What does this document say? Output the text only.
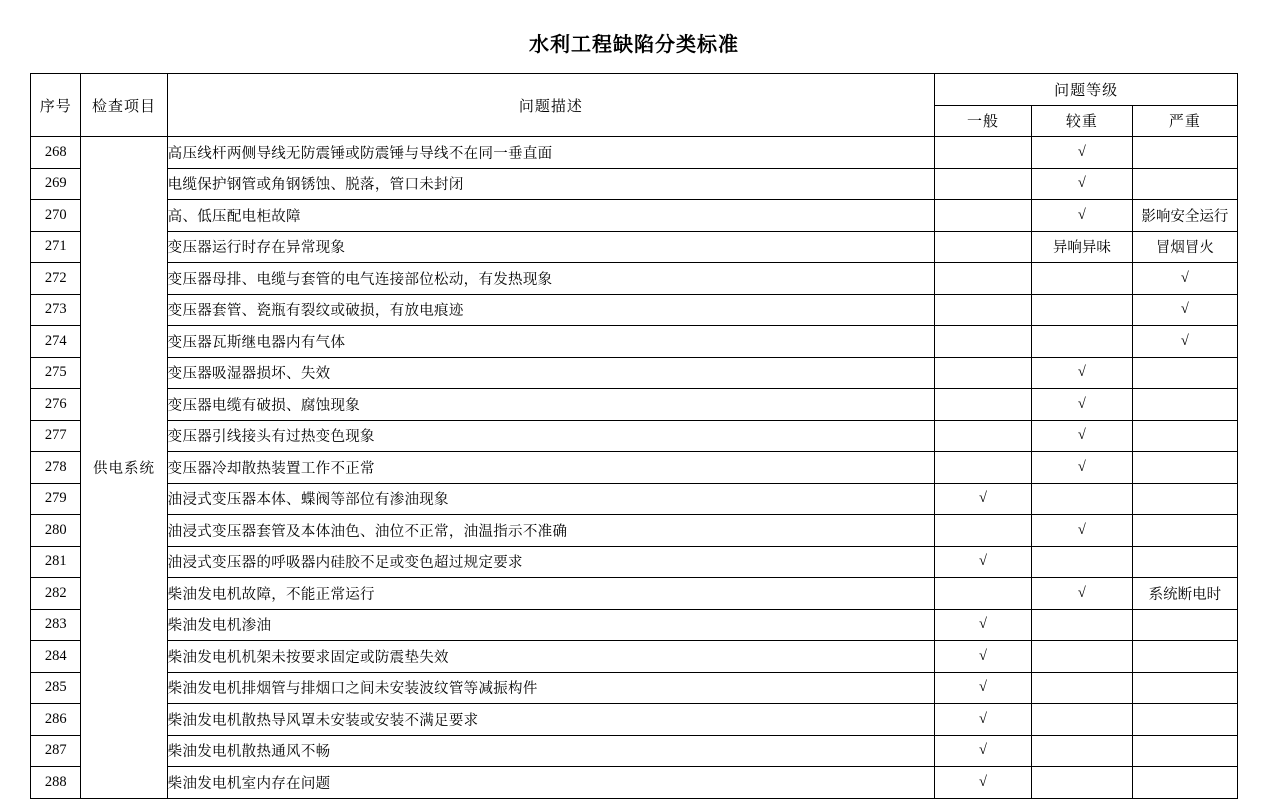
水利工程缺陷分类标准
序号	检查项目	问题描述	问题等级		
			一般	较重	严重
268	供电系统	高压线杆两侧导线无防震锤或防震锤与导线不在同一垂直面		√	
269		电缆保护钢管或角钢锈蚀、脱落，管口未封闭		√	
270		高、低压配电柜故障		√	影响安全运行
271		变压器运行时存在异常现象		异响异味	冒烟冒火
272		变压器母排、电缆与套管的电气连接部位松动，有发热现象			√
273		变压器套管、瓷瓶有裂纹或破损，有放电痕迹			√
274		变压器瓦斯继电器内有气体			√
275		变压器吸湿器损坏、失效		√	
276		变压器电缆有破损、腐蚀现象		√	
277		变压器引线接头有过热变色现象		√	
278		变压器冷却散热装置工作不正常		√	
279		油浸式变压器本体、蝶阀等部位有渗油现象	√		
280		油浸式变压器套管及本体油色、油位不正常，油温指示不准确		√	
281		油浸式变压器的呼吸器内硅胶不足或变色超过规定要求	√		
282		柴油发电机故障，不能正常运行		√	系统断电时
283		柴油发电机渗油	√		
284		柴油发电机机架未按要求固定或防震垫失效	√		
285		柴油发电机排烟管与排烟口之间未安装波纹管等减振构件	√		
286		柴油发电机散热导风罩未安装或安装不满足要求	√		
287		柴油发电机散热通风不畅	√		
288		柴油发电机室内存在问题	√		
